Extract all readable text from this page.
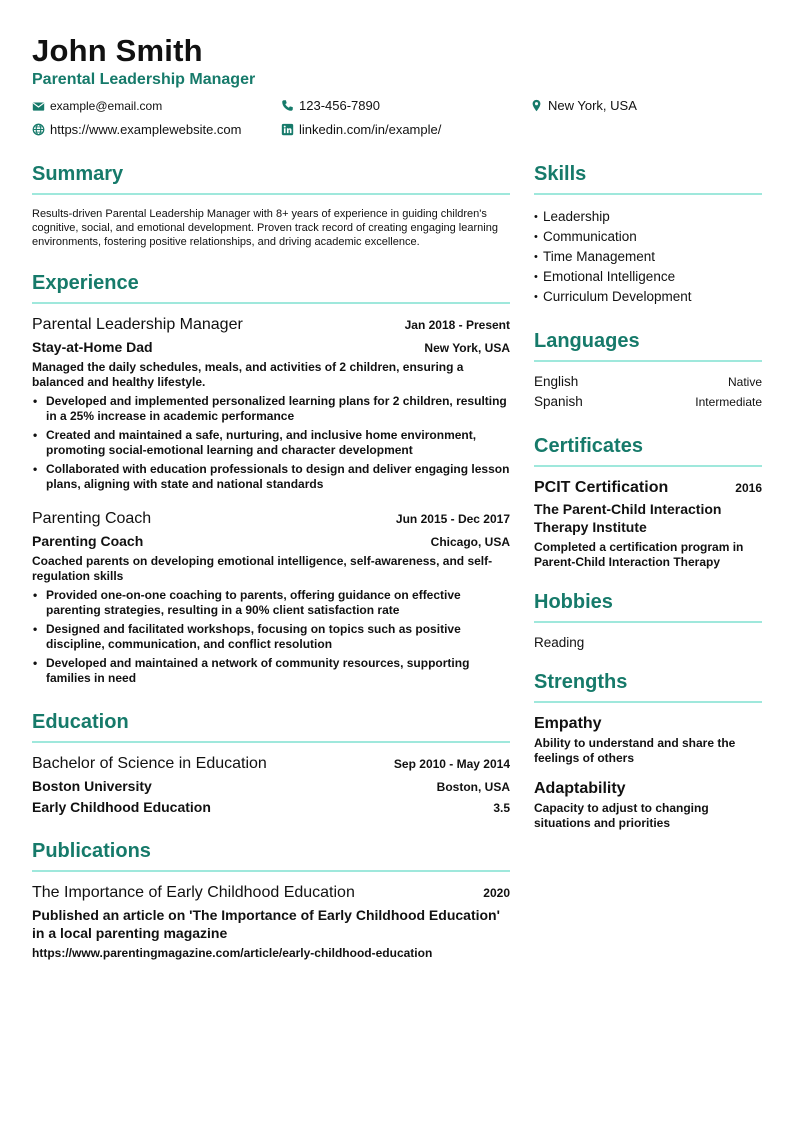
John Smith
Parental Leadership Manager
example@email.com	123-456-7890	New York, USA
https://www.examplewebsite.com	linkedin.com/in/example/
Summary
Results-driven Parental Leadership Manager with 8+ years of experience in guiding children's cognitive, social, and emotional development. Proven track record of creating engaging learning environments, fostering positive relationships, and driving academic excellence.
Experience
Parental Leadership Manager	Jan 2018 - Present
Stay-at-Home Dad	New York, USA
Managed the daily schedules, meals, and activities of 2 children, ensuring a balanced and healthy lifestyle.
• Developed and implemented personalized learning plans for 2 children, resulting in a 25% increase in academic performance
• Created and maintained a safe, nurturing, and inclusive home environment, promoting social-emotional learning and character development
• Collaborated with education professionals to design and deliver engaging lesson plans, aligning with state and national standards
Parenting Coach	Jun 2015 - Dec 2017
Parenting Coach	Chicago, USA
Coached parents on developing emotional intelligence, self-awareness, and self-regulation skills
• Provided one-on-one coaching to parents, offering guidance on effective parenting strategies, resulting in a 90% client satisfaction rate
• Designed and facilitated workshops, focusing on topics such as positive discipline, communication, and conflict resolution
• Developed and maintained a network of community resources, supporting families in need
Education
Bachelor of Science in Education	Sep 2010 - May 2014
Boston University	Boston, USA
Early Childhood Education	3.5
Publications
The Importance of Early Childhood Education	2020
Published an article on 'The Importance of Early Childhood Education' in a local parenting magazine
https://www.parentingmagazine.com/article/early-childhood-education
Skills
• Leadership
• Communication
• Time Management
• Emotional Intelligence
• Curriculum Development
Languages
English	Native
Spanish	Intermediate
Certificates
PCIT Certification	2016
The Parent-Child Interaction Therapy Institute
Completed a certification program in Parent-Child Interaction Therapy
Hobbies
Reading
Strengths
Empathy
Ability to understand and share the feelings of others
Adaptability
Capacity to adjust to changing situations and priorities
